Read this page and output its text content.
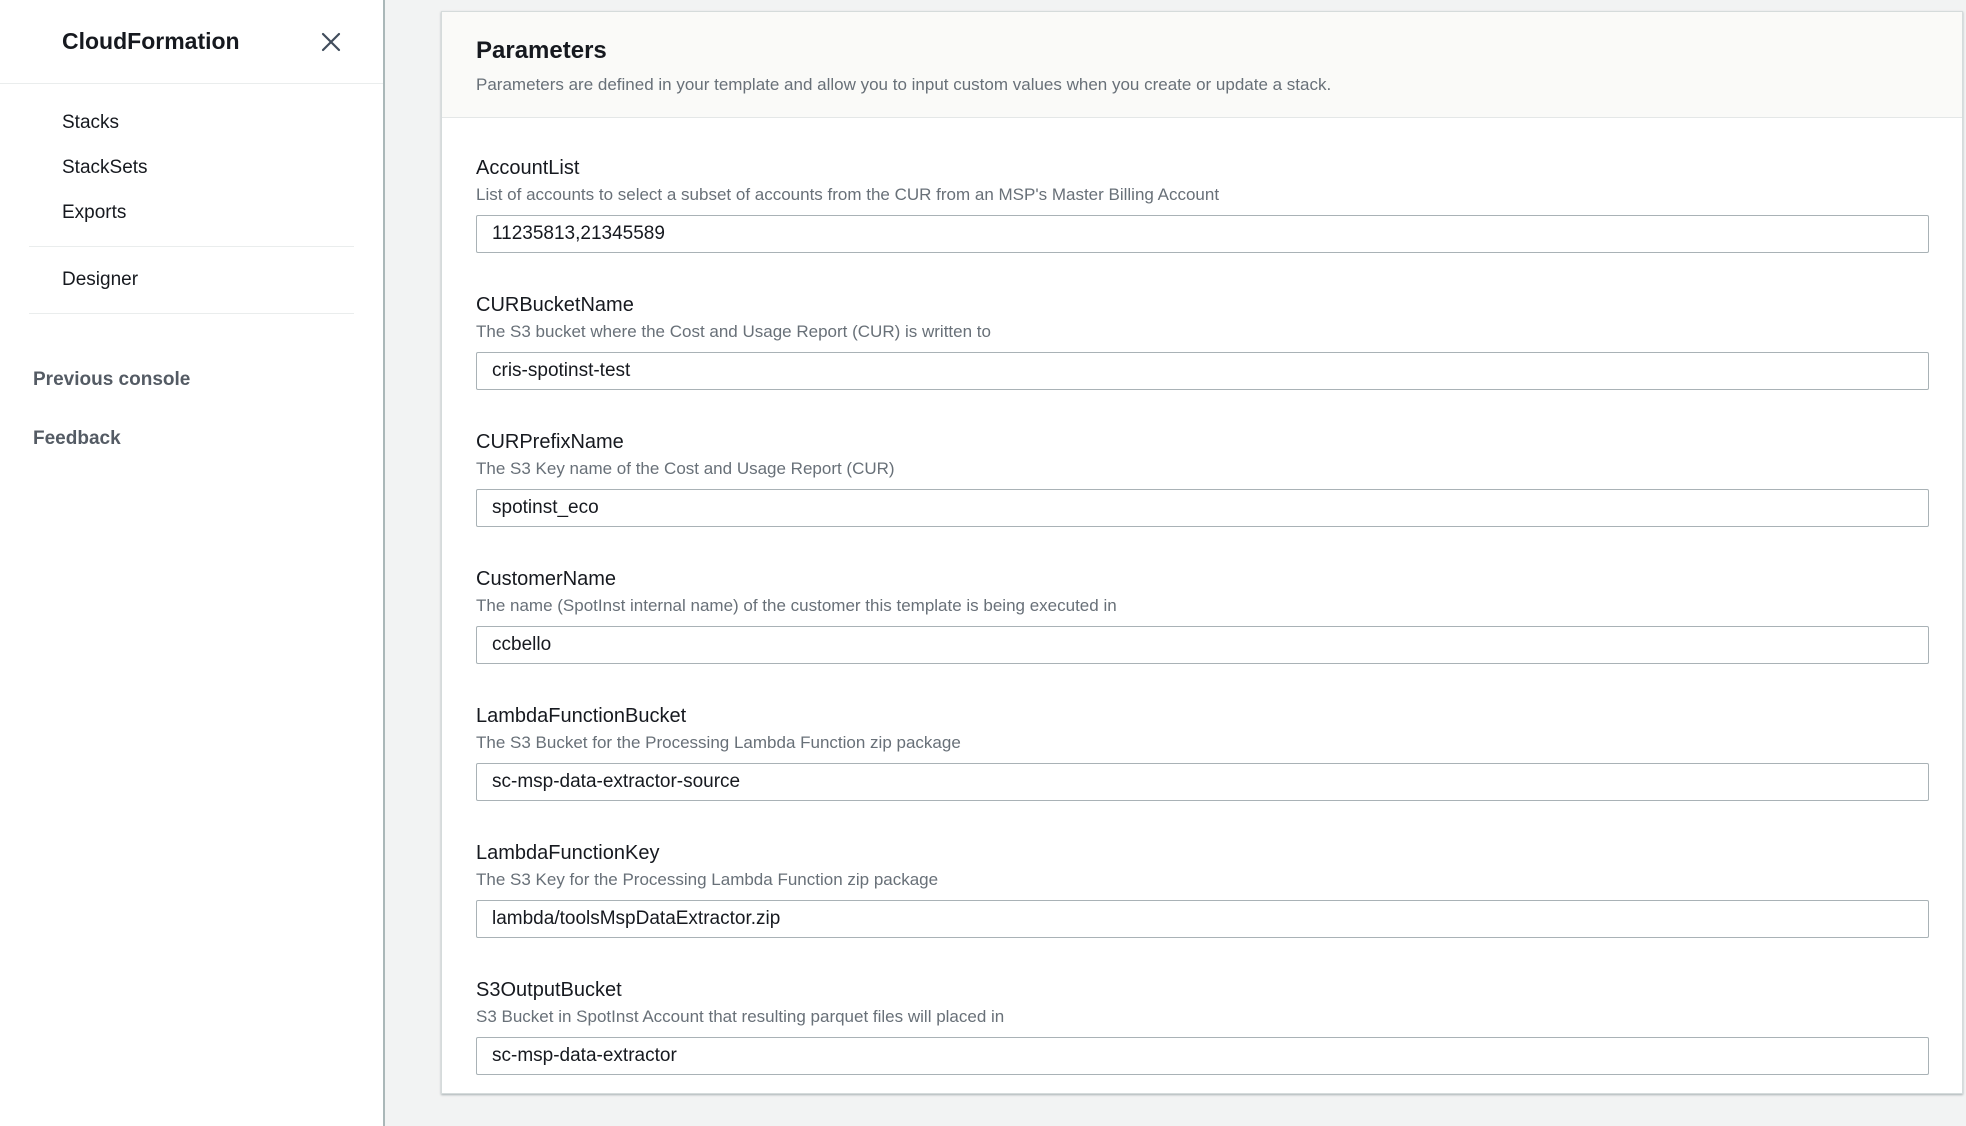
CloudFormation
Stacks
StackSets
Exports
Designer
Previous console
Feedback
Parameters
Parameters are defined in your template and allow you to input custom values when you create or update a stack.
AccountList
List of accounts to select a subset of accounts from the CUR from an MSP's Master Billing Account
11235813,21345589
CURBucketName
The S3 bucket where the Cost and Usage Report (CUR) is written to
cris-spotinst-test
CURPrefixName
The S3 Key name of the Cost and Usage Report (CUR)
spotinst_eco
CustomerName
The name (SpotInst internal name) of the customer this template is being executed in
ccbello
LambdaFunctionBucket
The S3 Bucket for the Processing Lambda Function zip package
sc-msp-data-extractor-source
LambdaFunctionKey
The S3 Key for the Processing Lambda Function zip package
lambda/toolsMspDataExtractor.zip
S3OutputBucket
S3 Bucket in SpotInst Account that resulting parquet files will placed in
sc-msp-data-extractor
